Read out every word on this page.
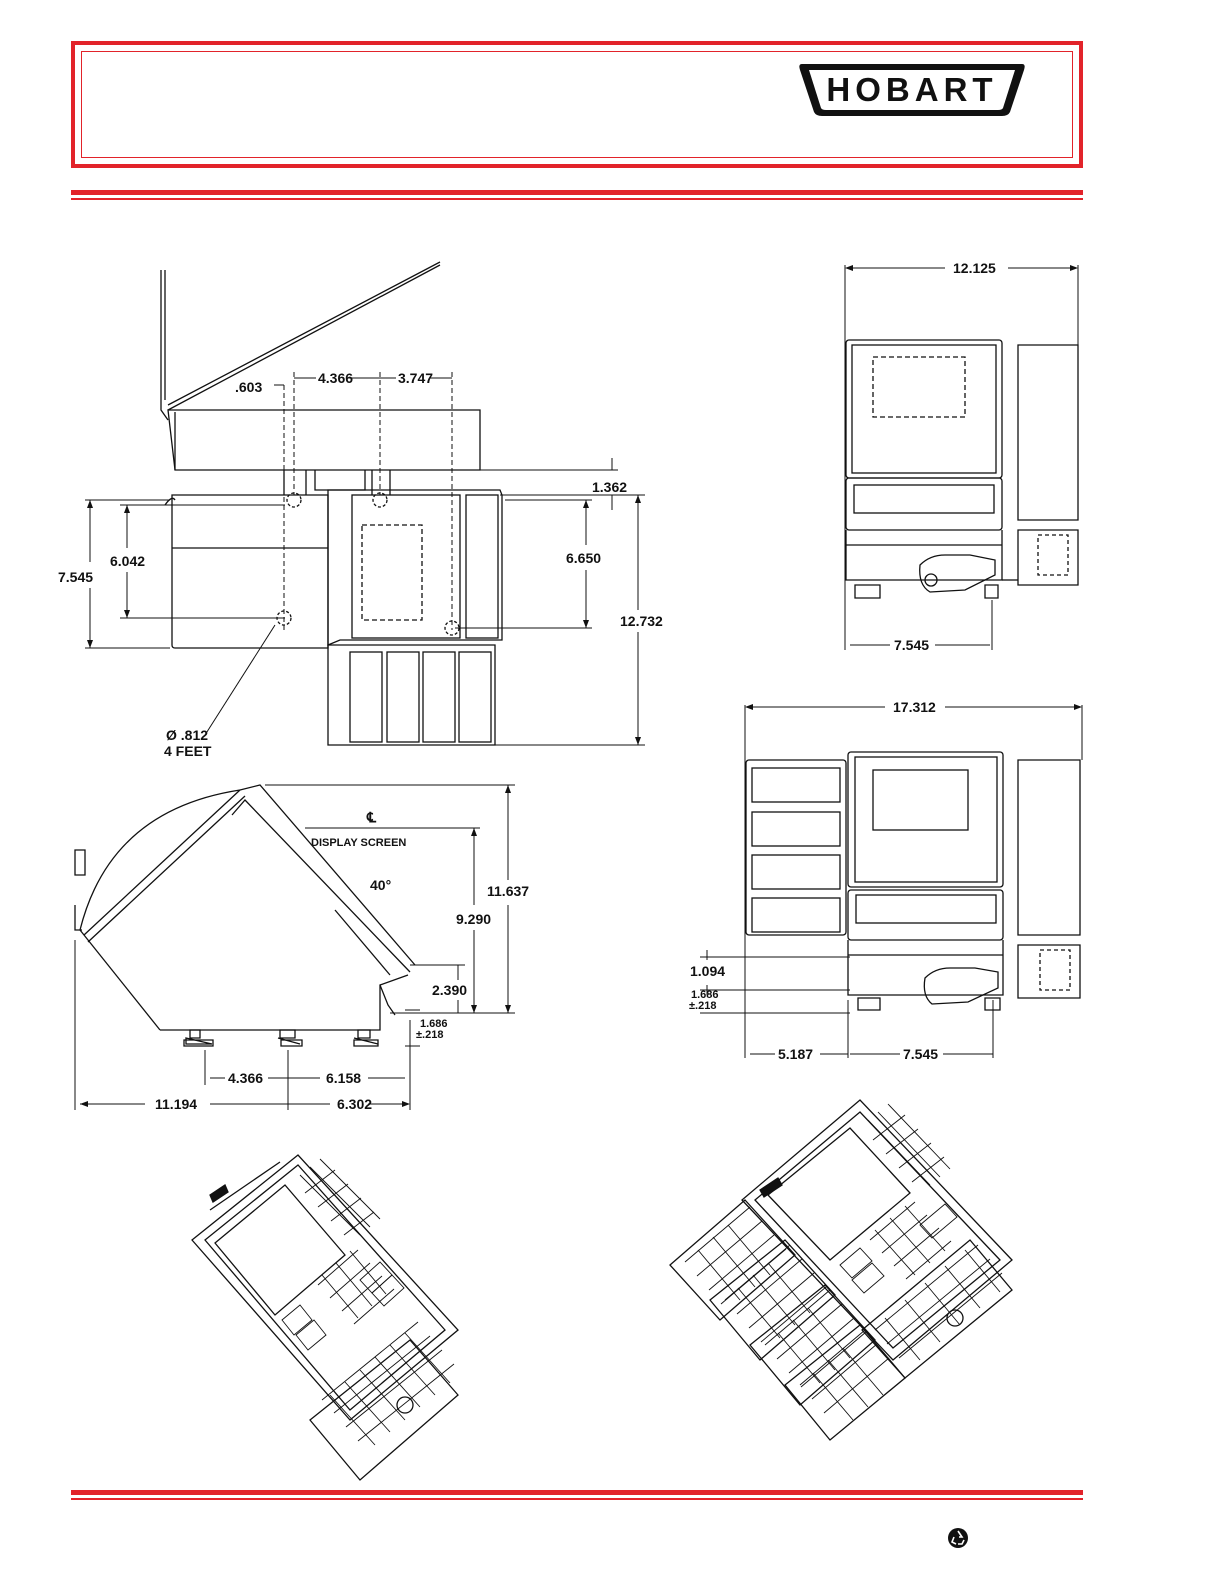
HOBART
.603
4.366	3.747
1.362
6.042
7.545
6.650
12.732
Ø .812
4 FEET
℄
DISPLAY SCREEN
40°	11.637
9.290
2.390
1.686
±.218
4.366	6.158
11.194	6.302
12.125
7.545
17.312
1.094
1.686
±.218
5.187	7.545
